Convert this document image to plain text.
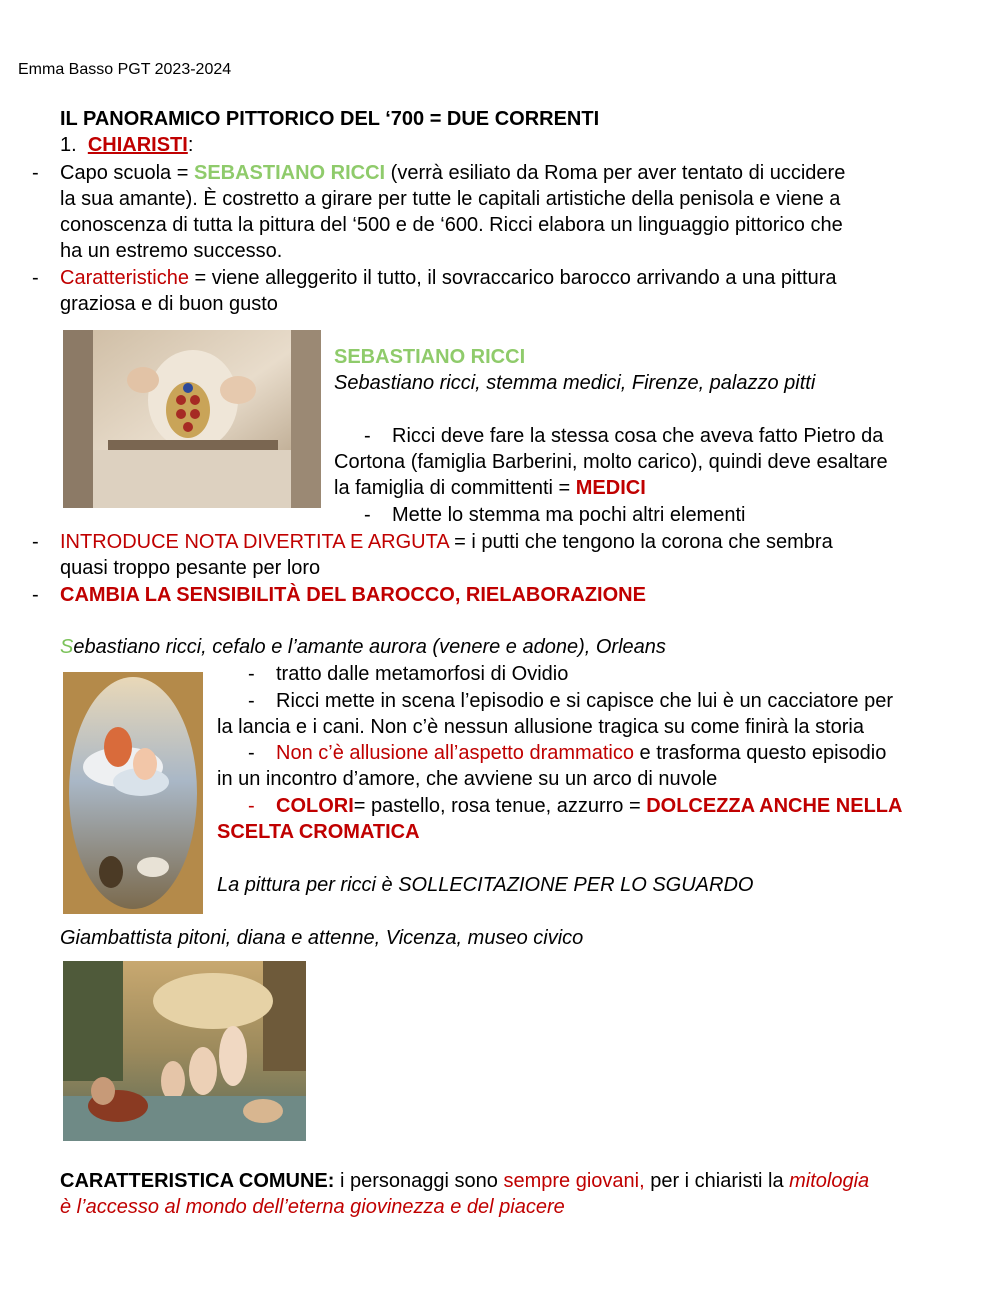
Emma Basso PGT 2023-2024
IL PANORAMICO PITTORICO DEL ‘700 = DUE CORRENTI
1. CHIARISTI:
- Capo scuola = SEBASTIANO RICCI (verrà esiliato da Roma per aver tentato di uccidere
la sua amante). È costretto a girare per tutte le capitali artistiche della penisola e viene a
conoscenza di tutta la pittura del ‘500 e de ‘600. Ricci elabora un linguaggio pittorico che
ha un estremo successo.
- Caratteristiche = viene alleggerito il tutto, il sovraccarico barocco arrivando a una pittura
graziosa e di buon gusto
SEBASTIANO RICCI
Sebastiano ricci, stemma medici, Firenze, palazzo pitti
- Ricci deve fare la stessa cosa che aveva fatto Pietro da
Cortona (famiglia Barberini, molto carico), quindi deve esaltare
la famiglia di committenti = MEDICI
- Mette lo stemma ma pochi altri elementi
- INTRODUCE NOTA DIVERTITA E ARGUTA = i putti che tengono la corona che sembra
quasi troppo pesante per loro
- CAMBIA LA SENSIBILITÀ DEL BAROCCO, RIELABORAZIONE
Sebastiano ricci, cefalo e l’amante aurora (venere e adone), Orleans
- tratto dalle metamorfosi di Ovidio
- Ricci mette in scena l’episodio e si capisce che lui è un cacciatore per
la lancia e i cani. Non c’è nessun allusione tragica su come finirà la storia
- Non c’è allusione all’aspetto drammatico e trasforma questo episodio
in un incontro d’amore, che avviene su un arco di nuvole
- COLORI= pastello, rosa tenue, azzurro = DOLCEZZA ANCHE NELLA
SCELTA CROMATICA
La pittura per ricci è SOLLECITAZIONE PER LO SGUARDO
Giambattista pitoni, diana e attenne, Vicenza, museo civico
CARATTERISTICA COMUNE: i personaggi sono sempre giovani, per i chiaristi la mitologia
è l’accesso al mondo dell’eterna giovinezza e del piacere
